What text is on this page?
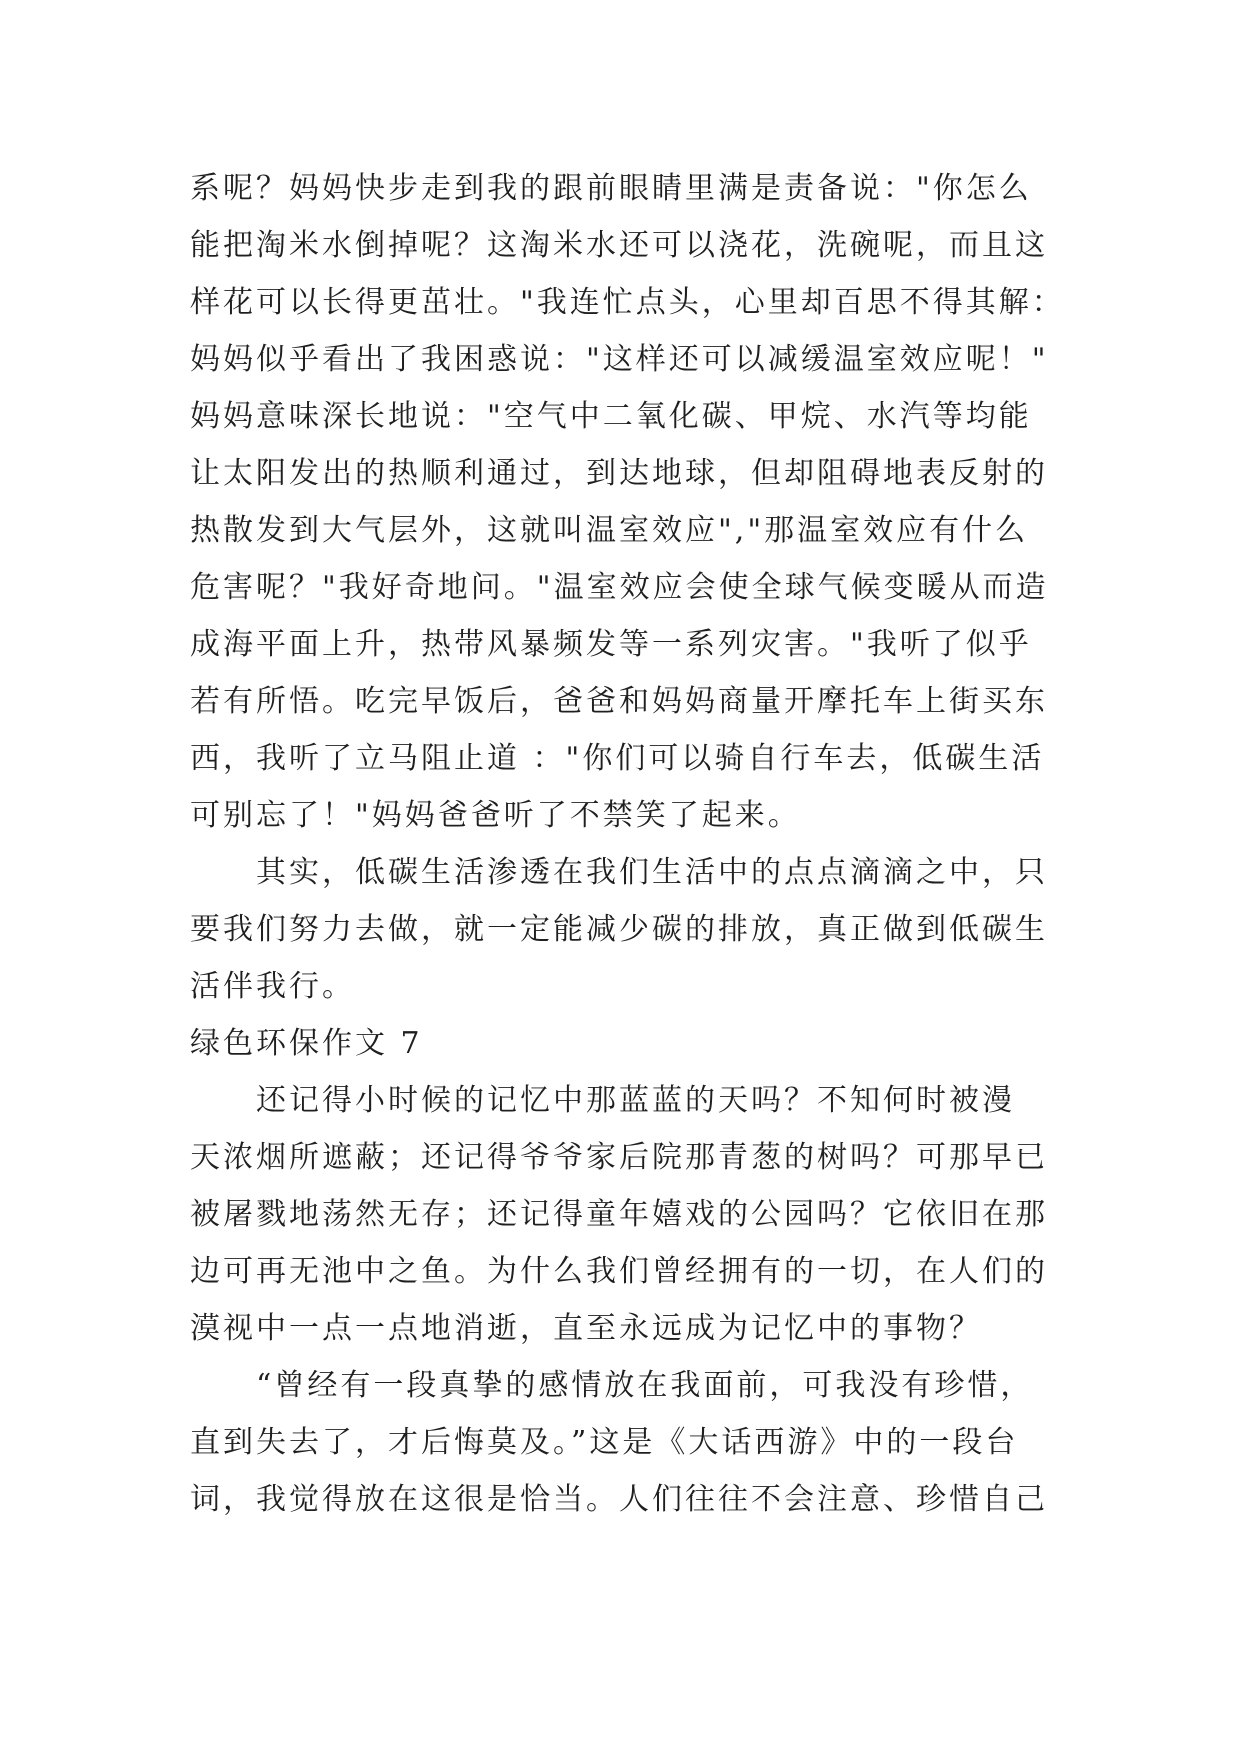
系呢？妈妈快步走到我的跟前眼睛里满是责备说："你怎么
能把淘米水倒掉呢？这淘米水还可以浇花，洗碗呢，而且这
样花可以长得更茁壮。"我连忙点头，心里却百思不得其解：
妈妈似乎看出了我困惑说："这样还可以减缓温室效应呢！"
妈妈意味深长地说："空气中二氧化碳、甲烷、水汽等均能
让太阳发出的热顺利通过，到达地球，但却阻碍地表反射的
热散发到大气层外，这就叫温室效应","那温室效应有什么
危害呢？"我好奇地问。"温室效应会使全球气候变暖从而造
成海平面上升，热带风暴频发等一系列灾害。"我听了似乎
若有所悟。吃完早饭后，爸爸和妈妈商量开摩托车上街买东
西，我听了立马阻止道 ："你们可以骑自行车去，低碳生活
可别忘了！"妈妈爸爸听了不禁笑了起来。
　　其实，低碳生活渗透在我们生活中的点点滴滴之中，只
要我们努力去做，就一定能减少碳的排放，真正做到低碳生
活伴我行。
绿色环保作文 7
　　还记得小时候的记忆中那蓝蓝的天吗？不知何时被漫
天浓烟所遮蔽；还记得爷爷家后院那青葱的树吗？可那早已
被屠戮地荡然无存；还记得童年嬉戏的公园吗？它依旧在那
边可再无池中之鱼。为什么我们曾经拥有的一切，在人们的
漠视中一点一点地消逝，直至永远成为记忆中的事物？
　　“曾经有一段真挚的感情放在我面前，可我没有珍惜，
直到失去了，才后悔莫及。”这是《大话西游》中的一段台
词，我觉得放在这很是恰当。人们往往不会注意、珍惜自己
